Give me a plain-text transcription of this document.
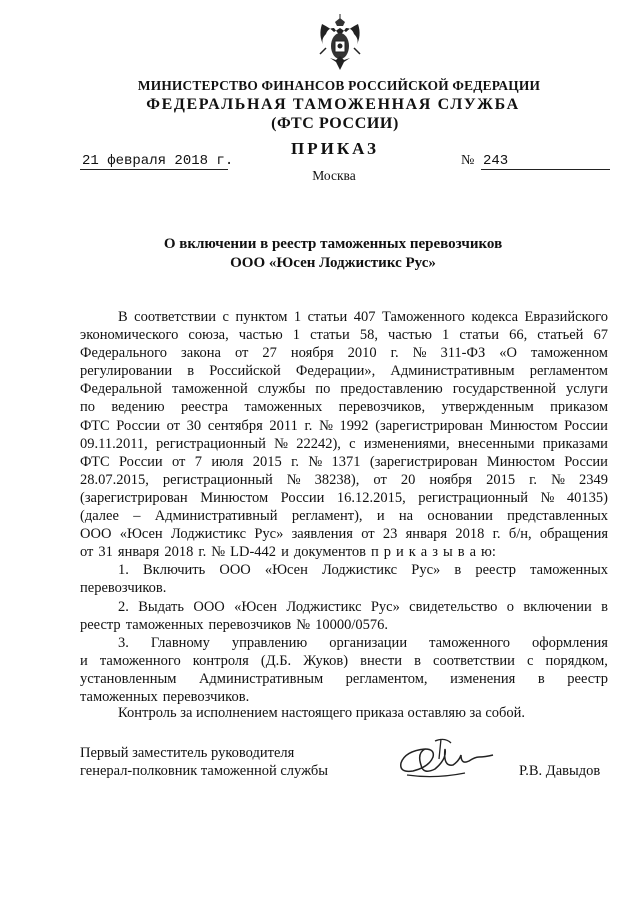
МИНИСТЕРСТВО ФИНАНСОВ РОССИЙСКОЙ ФЕДЕРАЦИИ
ФЕДЕРАЛЬНАЯ ТАМОЖЕННАЯ СЛУЖБА
(ФТС РОССИИ)
ПРИКАЗ
21 февраля 2018 г.	№ 243
Москва
О включении в реестр таможенных перевозчиков
ООО «Юсен Лоджистикс Рус»
В соответствии с пунктом 1 статьи 407 Таможенного кодекса Евразийского
экономического союза, частью 1 статьи 58, частью 1 статьи 66, статьей 67
Федерального закона от 27 ноября 2010 г. № 311-ФЗ «О таможенном
регулировании в Российской Федерации», Административным регламентом
Федеральной таможенной службы по предоставлению государственной услуги
по ведению реестра таможенных перевозчиков, утвержденным приказом
ФТС России от 30 сентября 2011 г. № 1992 (зарегистрирован Минюстом России
09.11.2011, регистрационный № 22242), с изменениями, внесенными приказами
ФТС России от 7 июля 2015 г. № 1371 (зарегистрирован Минюстом России
28.07.2015, регистрационный № 38238), от 20 ноября 2015 г. № 2349
(зарегистрирован Минюстом России 16.12.2015, регистрационный № 40135)
(далее – Административный регламент), и на основании представленных
ООО «Юсен Лоджистикс Рус» заявления от 23 января 2018 г. б/н, обращения
от 31 января 2018 г. № LD-442 и документов п р и к а з ы в а ю:
1. Включить ООО «Юсен Лоджистикс Рус» в реестр таможенных
перевозчиков.
2. Выдать ООО «Юсен Лоджистикс Рус» свидетельство о включении в
реестр таможенных перевозчиков № 10000/0576.
3. Главному управлению организации таможенного оформления
и таможенного контроля (Д.Б. Жуков) внести в соответствии с порядком,
установленным Административным регламентом, изменения в реестр
таможенных перевозчиков.
Контроль за исполнением настоящего приказа оставляю за собой.
Первый заместитель руководителя
генерал-полковник таможенной службы	Р.В. Давыдов
